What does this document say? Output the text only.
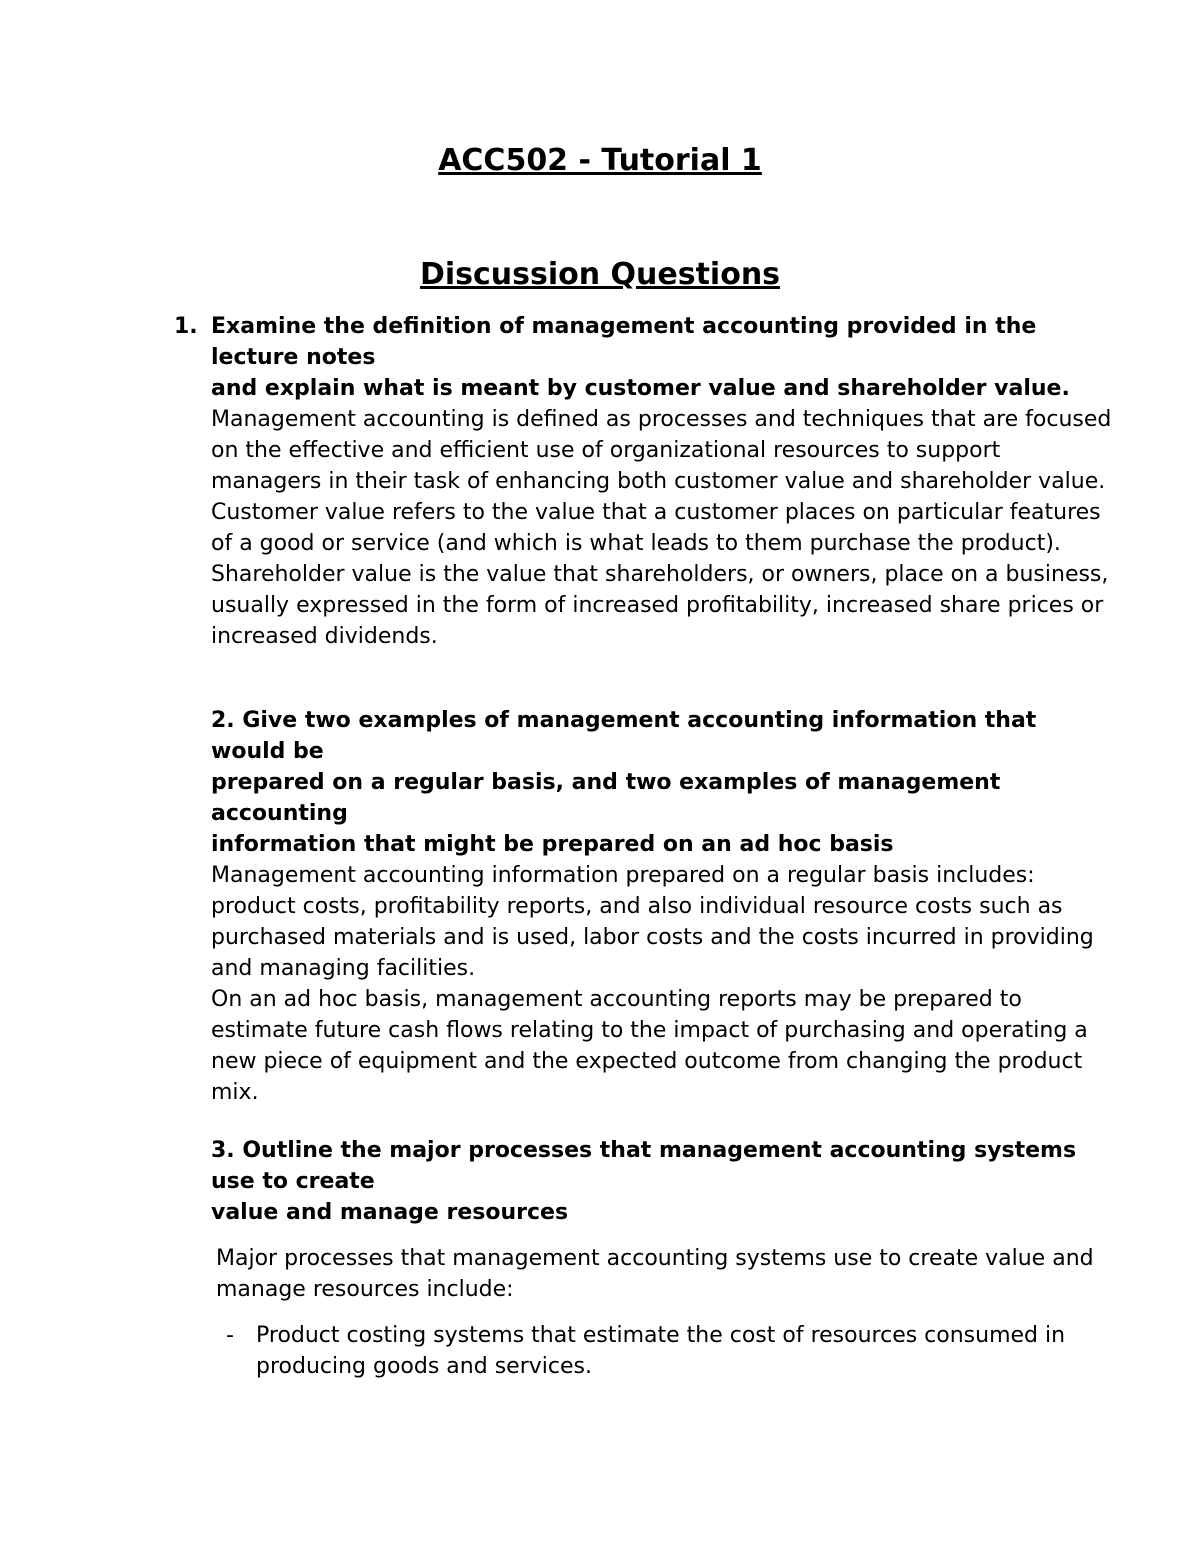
ACC502 - Tutorial 1
Discussion Questions
1. Examine the definition of management accounting provided in the
lecture notes
and explain what is meant by customer value and shareholder value.
Management accounting is defined as processes and techniques that are focused
on the effective and efficient use of organizational resources to support
managers in their task of enhancing both customer value and shareholder value.
Customer value refers to the value that a customer places on particular features
of a good or service (and which is what leads to them purchase the product).
Shareholder value is the value that shareholders, or owners, place on a business,
usually expressed in the form of increased profitability, increased share prices or
increased dividends.
2. Give two examples of management accounting information that
would be
prepared on a regular basis, and two examples of management
accounting
information that might be prepared on an ad hoc basis
Management accounting information prepared on a regular basis includes:
product costs, profitability reports, and also individual resource costs such as
purchased materials and is used, labor costs and the costs incurred in providing
and managing facilities.
On an ad hoc basis, management accounting reports may be prepared to
estimate future cash flows relating to the impact of purchasing and operating a
new piece of equipment and the expected outcome from changing the product
mix.
3. Outline the major processes that management accounting systems
use to create
value and manage resources
Major processes that management accounting systems use to create value and
manage resources include:
- Product costing systems that estimate the cost of resources consumed in
producing goods and services.
